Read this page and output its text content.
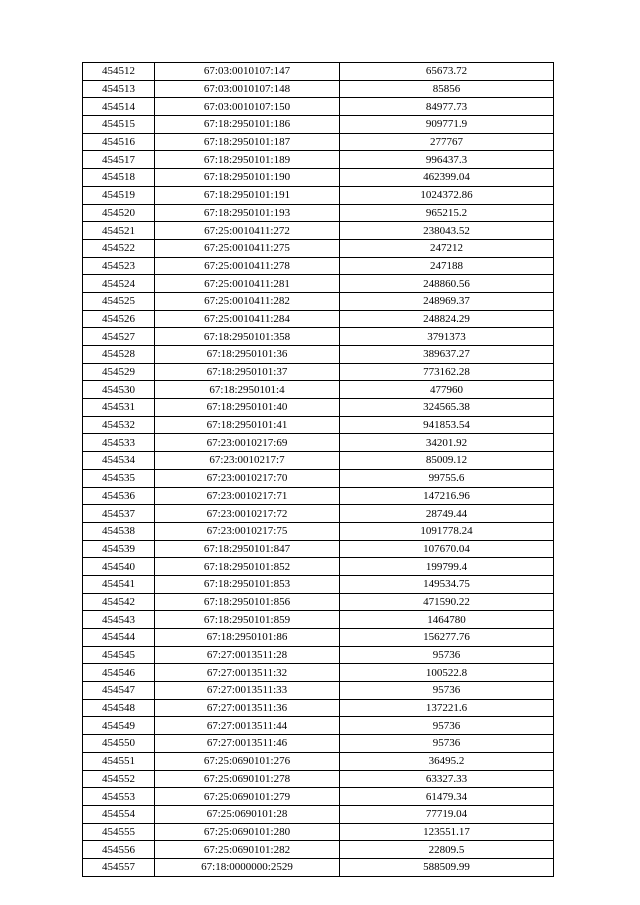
454512	67:03:0010107:147	65673.72
454513	67:03:0010107:148	85856
454514	67:03:0010107:150	84977.73
454515	67:18:2950101:186	909771.9
454516	67:18:2950101:187	277767
454517	67:18:2950101:189	996437.3
454518	67:18:2950101:190	462399.04
454519	67:18:2950101:191	1024372.86
454520	67:18:2950101:193	965215.2
454521	67:25:0010411:272	238043.52
454522	67:25:0010411:275	247212
454523	67:25:0010411:278	247188
454524	67:25:0010411:281	248860.56
454525	67:25:0010411:282	248969.37
454526	67:25:0010411:284	248824.29
454527	67:18:2950101:358	3791373
454528	67:18:2950101:36	389637.27
454529	67:18:2950101:37	773162.28
454530	67:18:2950101:4	477960
454531	67:18:2950101:40	324565.38
454532	67:18:2950101:41	941853.54
454533	67:23:0010217:69	34201.92
454534	67:23:0010217:7	85009.12
454535	67:23:0010217:70	99755.6
454536	67:23:0010217:71	147216.96
454537	67:23:0010217:72	28749.44
454538	67:23:0010217:75	1091778.24
454539	67:18:2950101:847	107670.04
454540	67:18:2950101:852	199799.4
454541	67:18:2950101:853	149534.75
454542	67:18:2950101:856	471590.22
454543	67:18:2950101:859	1464780
454544	67:18:2950101:86	156277.76
454545	67:27:0013511:28	95736
454546	67:27:0013511:32	100522.8
454547	67:27:0013511:33	95736
454548	67:27:0013511:36	137221.6
454549	67:27:0013511:44	95736
454550	67:27:0013511:46	95736
454551	67:25:0690101:276	36495.2
454552	67:25:0690101:278	63327.33
454553	67:25:0690101:279	61479.34
454554	67:25:0690101:28	77719.04
454555	67:25:0690101:280	123551.17
454556	67:25:0690101:282	22809.5
454557	67:18:0000000:2529	588509.99
